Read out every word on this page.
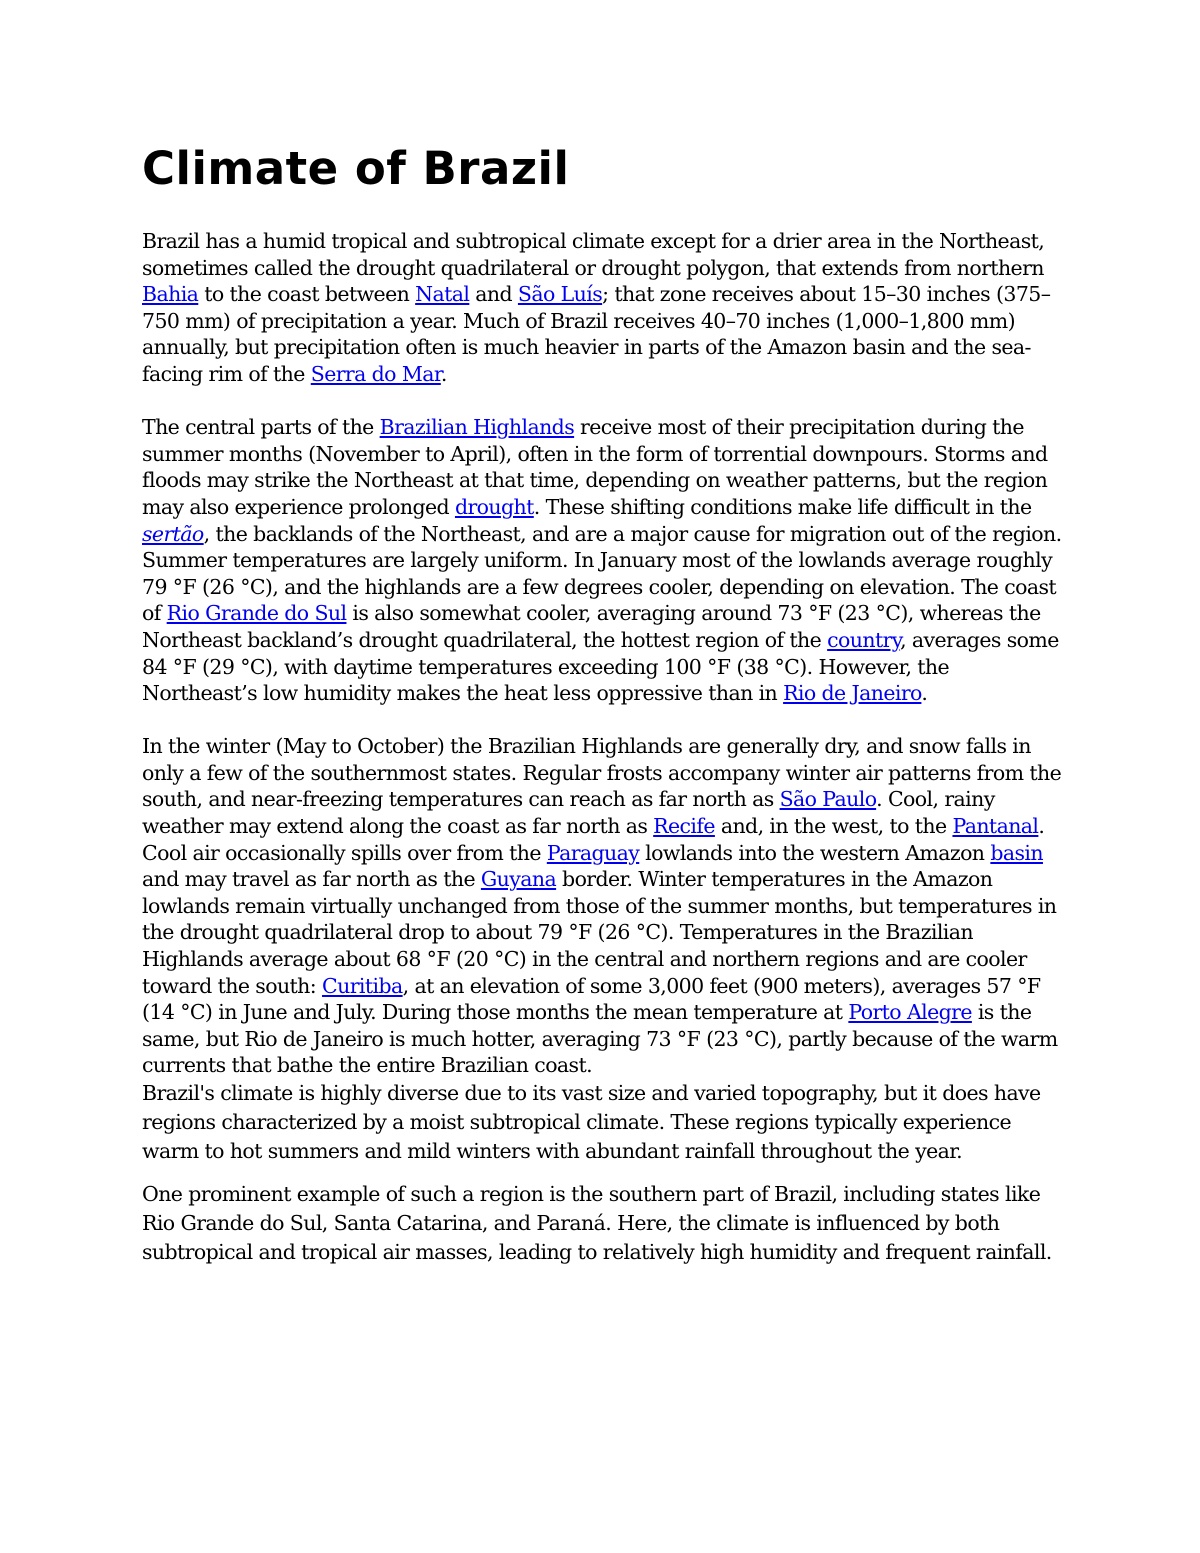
Climate of Brazil

Brazil has a humid tropical and subtropical climate except for a drier area in the Northeast, sometimes called the drought quadrilateral or drought polygon, that extends from northern Bahia to the coast between Natal and São Luís; that zone receives about 15–30 inches (375–750 mm) of precipitation a year. Much of Brazil receives 40–70 inches (1,000–1,800 mm) annually, but precipitation often is much heavier in parts of the Amazon basin and the sea-facing rim of the Serra do Mar.

The central parts of the Brazilian Highlands receive most of their precipitation during the summer months (November to April), often in the form of torrential downpours. Storms and floods may strike the Northeast at that time, depending on weather patterns, but the region may also experience prolonged drought. These shifting conditions make life difficult in the sertão, the backlands of the Northeast, and are a major cause for migration out of the region. Summer temperatures are largely uniform. In January most of the lowlands average roughly 79 °F (26 °C), and the highlands are a few degrees cooler, depending on elevation. The coast of Rio Grande do Sul is also somewhat cooler, averaging around 73 °F (23 °C), whereas the Northeast backland’s drought quadrilateral, the hottest region of the country, averages some 84 °F (29 °C), with daytime temperatures exceeding 100 °F (38 °C). However, the Northeast’s low humidity makes the heat less oppressive than in Rio de Janeiro.

In the winter (May to October) the Brazilian Highlands are generally dry, and snow falls in only a few of the southernmost states. Regular frosts accompany winter air patterns from the south, and near-freezing temperatures can reach as far north as São Paulo. Cool, rainy weather may extend along the coast as far north as Recife and, in the west, to the Pantanal. Cool air occasionally spills over from the Paraguay lowlands into the western Amazon basin and may travel as far north as the Guyana border. Winter temperatures in the Amazon lowlands remain virtually unchanged from those of the summer months, but temperatures in the drought quadrilateral drop to about 79 °F (26 °C). Temperatures in the Brazilian Highlands average about 68 °F (20 °C) in the central and northern regions and are cooler toward the south: Curitiba, at an elevation of some 3,000 feet (900 meters), averages 57 °F (14 °C) in June and July. During those months the mean temperature at Porto Alegre is the same, but Rio de Janeiro is much hotter, averaging 73 °F (23 °C), partly because of the warm currents that bathe the entire Brazilian coast.

Brazil's climate is highly diverse due to its vast size and varied topography, but it does have regions characterized by a moist subtropical climate. These regions typically experience warm to hot summers and mild winters with abundant rainfall throughout the year.

One prominent example of such a region is the southern part of Brazil, including states like Rio Grande do Sul, Santa Catarina, and Paraná. Here, the climate is influenced by both subtropical and tropical air masses, leading to relatively high humidity and frequent rainfall.
